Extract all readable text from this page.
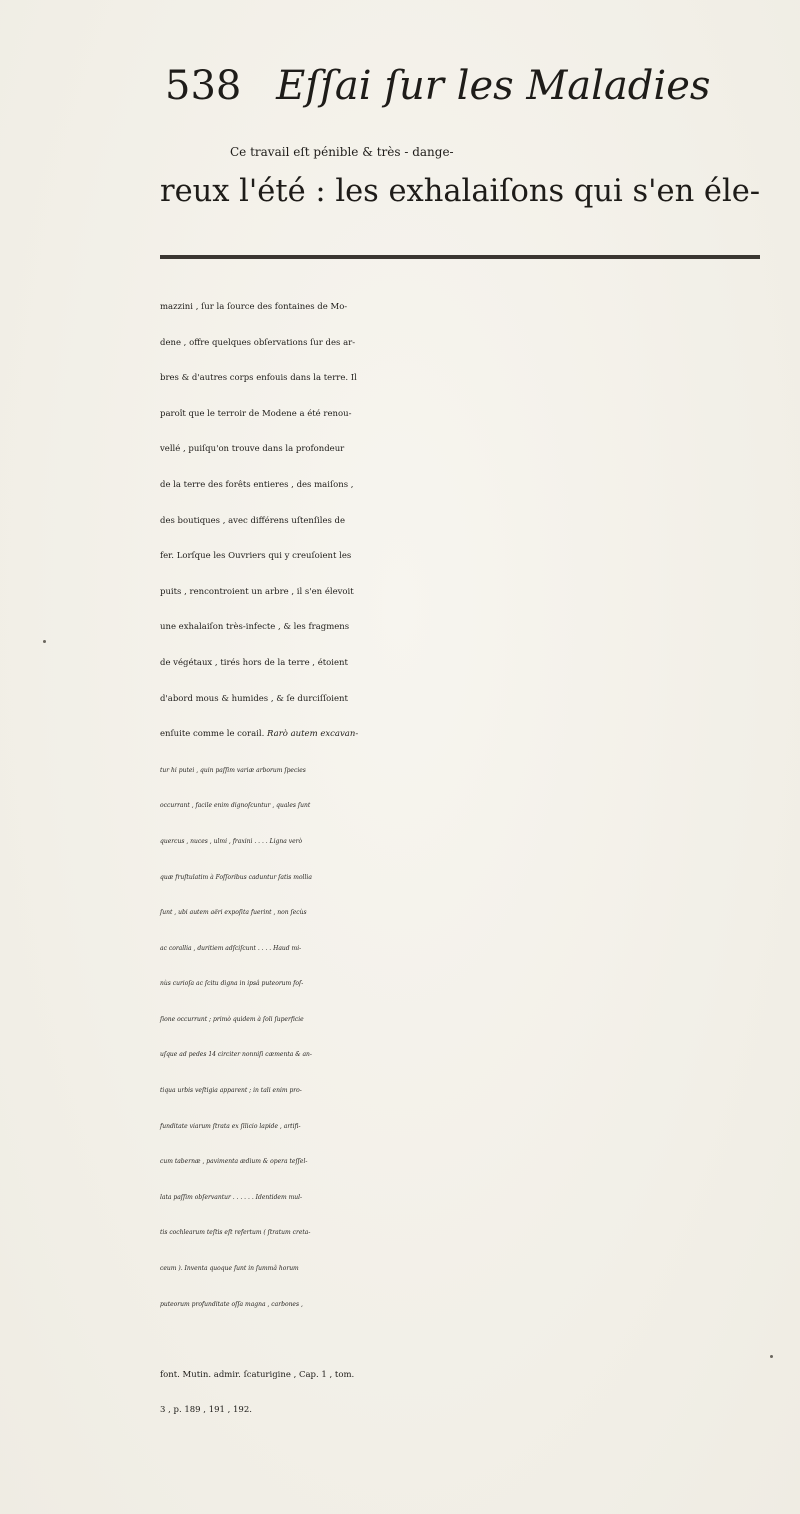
538 Eſſai ſur les Maladies
Ce travail eſt pénible & très - dange-
reux l'été : les exhalaiſons qui s'en éle-
mazzini , ſur la ſource des fontaines de Mo-
dene , offre quelques obſervations ſur des ar-
bres & d'autres corps enfouis dans la terre. Il
paroît que le terroir de Modene a été renou-
vellé , puiſqu'on trouve dans la profondeur
de la terre des forêts entieres , des maiſons ,
des boutiques , avec différens uſtenſiles de
fer. Lorſque les Ouvriers qui y creuſoient les
puits , rencontroient un arbre , il s'en élevoit
une exhalaiſon très-infecte , & les fragmens
de végétaux , tirés hors de la terre , étoient
d'abord mous & humides , & ſe durciſſoient
enſuite comme le corail. Rarò autem excavan-
tur hi putei , quin paſſim variæ arborum ſpecies
occurrant , facile enim dignoſcuntur , quales ſunt
quercus , nuces , ulmi , fraxini . . . . Ligna verò
quæ fruſtulatim à Foſſoribus caduntur ſatis mollia
ſunt , ubi autem aëri expoſita fuerint , non ſecùs
ac corallia , duritiem adſciſcunt . . . . Haud mi-
nùs curioſa ac ſcitu digna in ipsâ puteorum foſ-
ſione occurrunt ; primò quidem à ſoli ſuperficie
uſque ad pedes 14 circiter nonniſi cæmenta & an-
tiqua urbis veſtigia apparent ; in tali enim pro-
funditate viarum ſtrata ex ſilicio lapide , artifi-
cum tabernæ , pavimenta ædium & opera teſſel-
lata paſſim obſervantur . . . . . . Identidem mul-
tis cochlearum teſtis eſt refertum ( ſtratum creta-
ceum ). Inventa quoque ſunt in ſummâ horum
puteorum profunditate oſſa magna , carbones ,
font. Mutin. admir. ſcaturigine , Cap. 1 , tom.
3 , p. 189 , 191 , 192.
